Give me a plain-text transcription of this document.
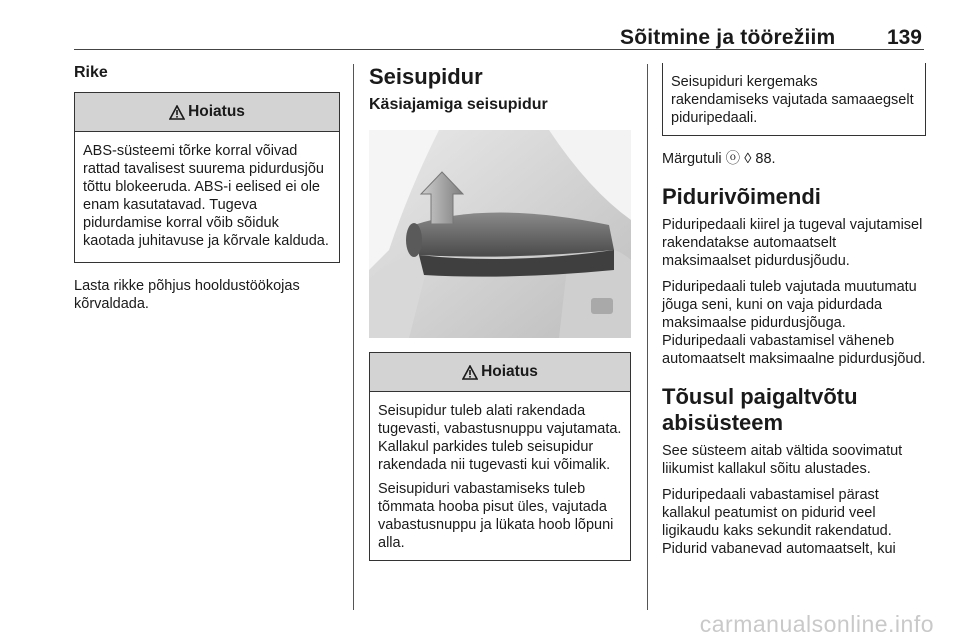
Sõitmine ja töörežiim	139
Rike
Hoiatus

ABS-süsteemi tõrke korral võivad rattad tavalisest suurema pidurdusjõu tõttu blokeeruda. ABS-i eelised ei ole enam kasutatavad. Tugeva pidurdamise korral võib sõiduk kaotada juhitavuse ja kõrvale kalduda.

Lasta rikke põhjus hooldustöökojas kõrvaldada.

Seisupidur
Käsiajamiga seisupidur
Hoiatus

Seisupidur tuleb alati rakendada tugevasti, vabastusnuppu vajutamata. Kallakul parkides tuleb seisupidur rakendada nii tugevasti kui võimalik.

Seisupiduri vabastamiseks tuleb tõmmata hooba pisut üles, vajutada vabastusnuppu ja lükata hoob lõpuni alla.

Seisupiduri kergemaks rakendamiseks vajutada samaaegselt piduripedaali.

Märgutuli ⓞ ◊ 88.

Pidurivõimendi

Piduripedaali kiirel ja tugeval vajutamisel rakendatakse automaatselt maksimaalset pidurdusjõudu.

Piduripedaali tuleb vajutada muutumatu jõuga seni, kuni on vaja pidurdada maksimaalse pidurdusjõuga. Piduripedaali vabastamisel väheneb automaatselt maksimaalne pidurdusjõud.

Tõusul paigaltvõtu abisüsteem

See süsteem aitab vältida soovimatut liikumist kallakul sõitu alustades.

Piduripedaali vabastamisel pärast kallakul peatumist on pidurid veel ligikaudu kaks sekundit rakendatud. Pidurid vabanevad automaatselt, kui

carmanualsonline.info
